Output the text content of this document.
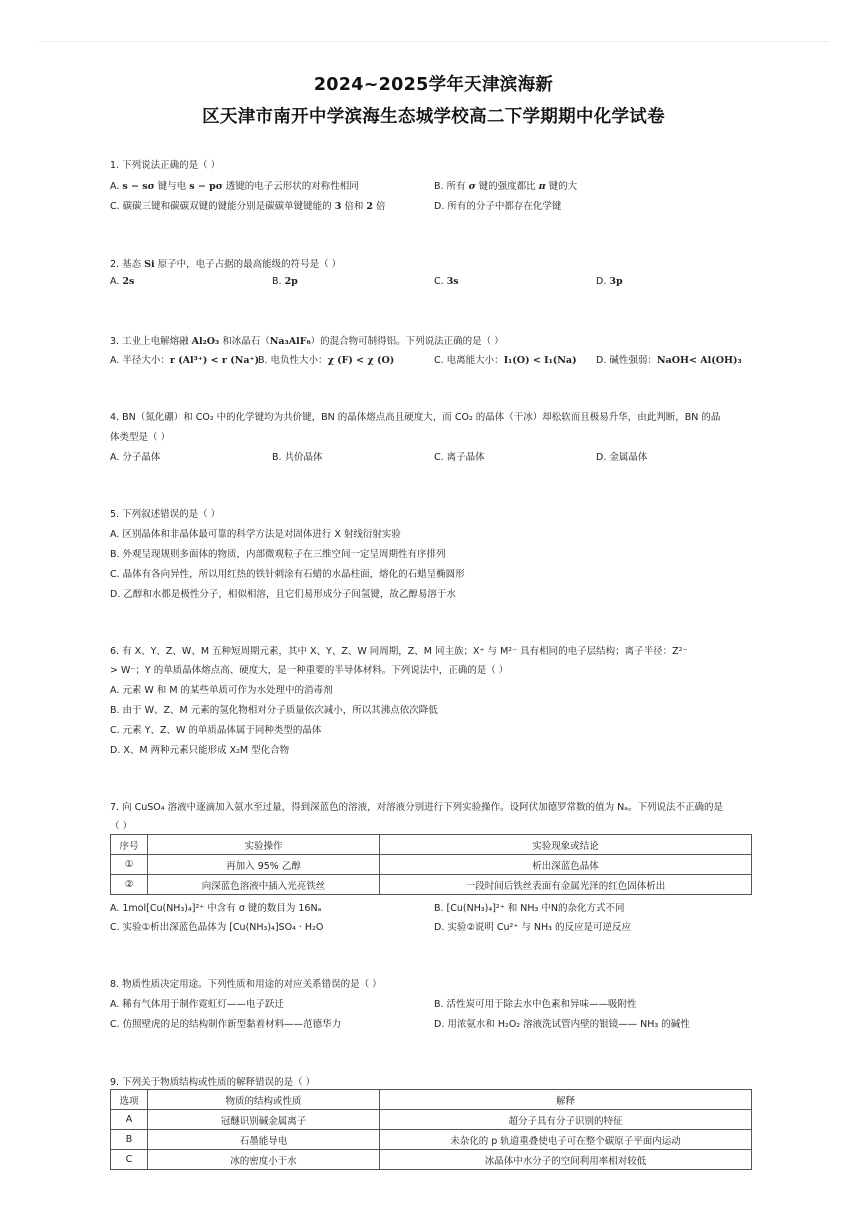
2024~2025学年天津滨海新
区天津市南开中学滨海生态城学校高二下学期期中化学试卷
1. 下列说法正确的是（ ）
A. s − sσ 键与电 s − pσ 透键的电子云形状的对称性相同	B. 所有 σ 键的强度都比 π 键的大
C. 碳碳三键和碳碳双键的键能分别是碳碳单键键能的 3 倍和 2 倍	D. 所有的分子中都存在化学键
2. 基态 Si 原子中，电子占据的最高能级的符号是（ ）
A. 2s	B. 2p	C. 3s	D. 3p
3. 工业上电解熔融 Al₂O₃ 和冰晶石（Na₃AlF₆）的混合物可制得铝。下列说法正确的是（ ）
A. 半径大小：r (Al³⁺) < r (Na⁺)
B. 电负性大小：χ (F) < χ (O)	C. 电离能大小：I₁(O) < I₁(Na) D. 碱性强弱：NaOH< Al(OH)₃
4. BN（氮化硼）和 CO₂ 中的化学键均为共价键，BN 的晶体熔点高且硬度大，而 CO₂ 的晶体（干冰）却松软而且极易升华，由此判断，BN 的晶
体类型是（ ）
A. 分子晶体	B. 共价晶体	C. 离子晶体	D. 金属晶体
5. 下列叙述错误的是（ ）
A. 区别晶体和非晶体最可靠的科学方法是对固体进行 X 射线衍射实验
B. 外观呈现规则多面体的物质，内部微观粒子在三维空间一定呈周期性有序排列
C. 晶体有各向异性，所以用红热的铁针刺涂有石蜡的水晶柱面，熔化的石蜡呈椭圆形
D. 乙醇和水都是极性分子，相似相溶，且它们易形成分子间氢键，故乙醇易溶于水
6. 有 X、Y、Z、W、M 五种短周期元素，其中 X、Y、Z、W 同周期，Z、M 同主族；X⁺ 与 M²⁻ 具有相同的电子层结构；离子半径：Z²⁻
> W⁻；Y 的单质晶体熔点高、硬度大，是一种重要的半导体材料。下列说法中，正确的是（ ）
A. 元素 W 和 M 的某些单质可作为水处理中的消毒剂
B. 由于 W、Z、M 元素的氢化物相对分子质量依次减小，所以其沸点依次降低
C. 元素 Y、Z、W 的单质晶体属于同种类型的晶体
D. X、M 两种元素只能形成 X₂M 型化合物
7. 向 CuSO₄ 溶液中逐滴加入氨水至过量，得到深蓝色的溶液，对溶液分别进行下列实验操作。设阿伏加德罗常数的值为 Nₐ。下列说法不正确的是
（ ）
序号	实验操作	实验现象或结论
①	再加入 95% 乙醇	析出深蓝色晶体
②	向深蓝色溶液中插入光亮铁丝	一段时间后铁丝表面有金属光泽的红色固体析出
A. 1mol[Cu(NH₃)₄]²⁺ 中含有 σ 键的数目为 16Nₐ	B. [Cu(NH₃)₄]²⁺ 和 NH₃ 中N的杂化方式不同
C. 实验①析出深蓝色晶体为 [Cu(NH₃)₄]SO₄ · H₂O	D. 实验②说明 Cu²⁺ 与 NH₃ 的反应是可逆反应
8. 物质性质决定用途。下列性质和用途的对应关系错误的是（ ）
A. 稀有气体用于制作霓虹灯——电子跃迁	B. 活性炭可用于除去水中色素和异味——吸附性
C. 仿照壁虎的足的结构制作新型黏着材料——范德华力	D. 用浓氨水和 H₂O₂ 溶液洗试管内壁的银镜—— NH₃ 的碱性
9. 下列关于物质结构或性质的解释错误的是（ ）
选项	物质的结构或性质	解释
A	冠醚识别碱金属离子	超分子具有分子识别的特征
B	石墨能导电	未杂化的 p 轨道重叠使电子可在整个碳原子平面内运动
C	冰的密度小于水	冰晶体中水分子的空间利用率相对较低
